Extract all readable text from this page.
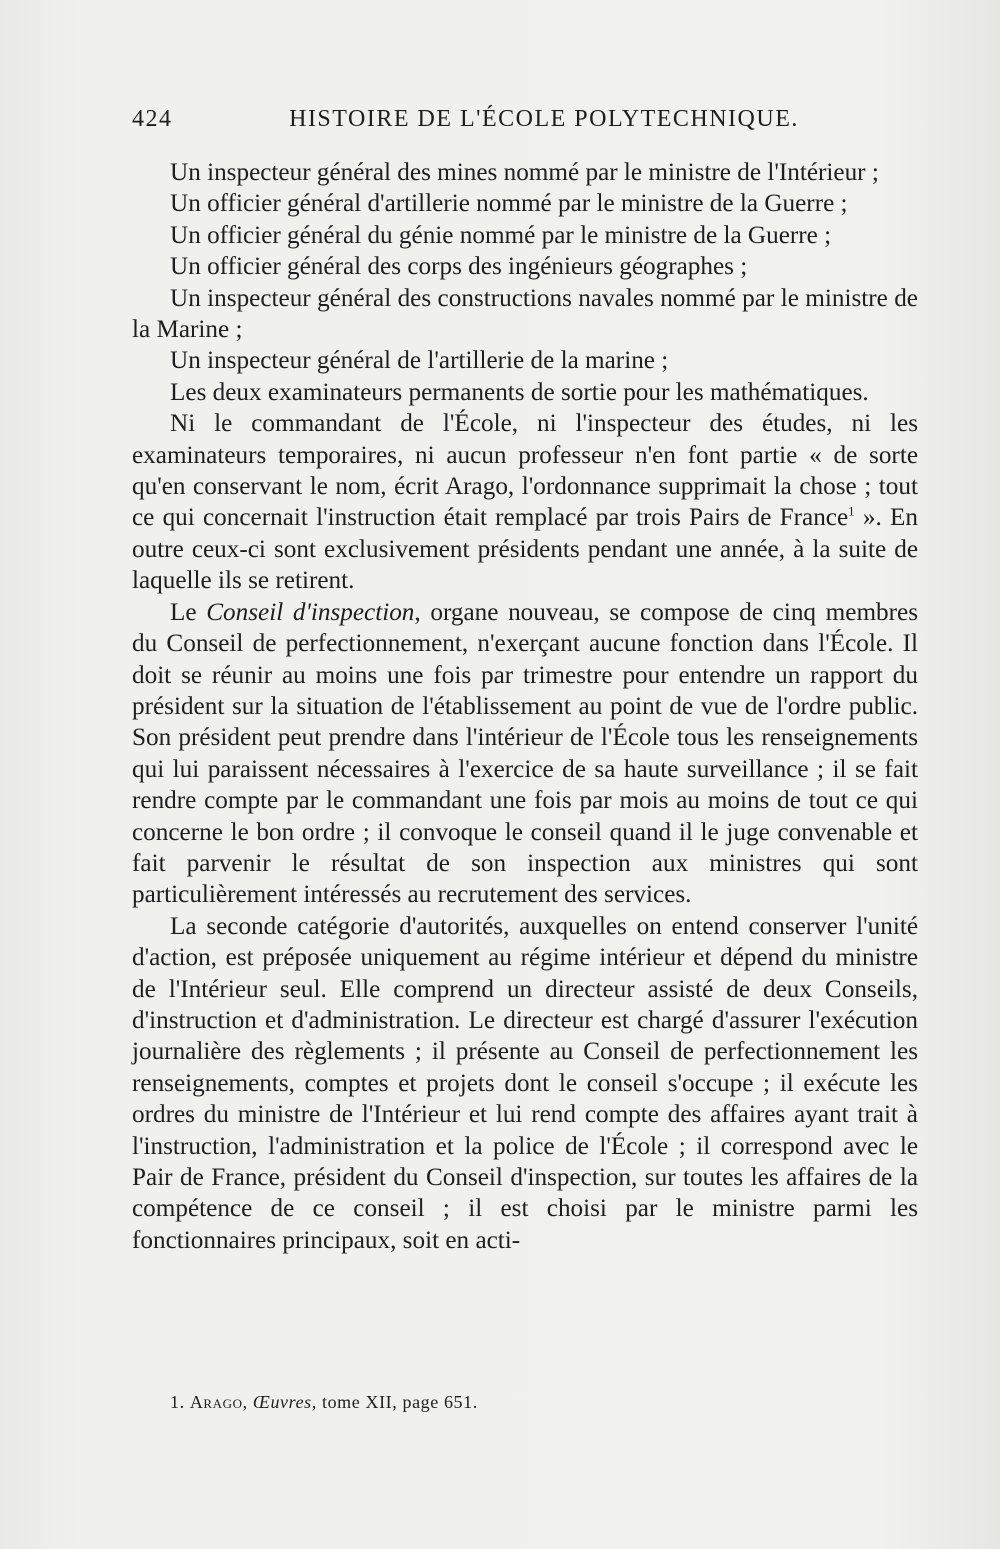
424	HISTOIRE DE L'ÉCOLE POLYTECHNIQUE.

Un inspecteur général des mines nommé par le ministre de l'Intérieur ;

Un officier général d'artillerie nommé par le ministre de la Guerre ;

Un officier général du génie nommé par le ministre de la Guerre ;

Un officier général des corps des ingénieurs géographes ;

Un inspecteur général des constructions navales nommé par le ministre de la Marine ;

Un inspecteur général de l'artillerie de la marine ;

Les deux examinateurs permanents de sortie pour les mathématiques.

Ni le commandant de l'École, ni l'inspecteur des études, ni les examinateurs temporaires, ni aucun professeur n'en font partie « de sorte qu'en conservant le nom, écrit Arago, l'ordonnance supprimait la chose ; tout ce qui concernait l'instruction était remplacé par trois Pairs de France$^1$ ». En outre ceux-ci sont exclusivement présidents pendant une année, à la suite de laquelle ils se retirent.

Le Conseil d'inspection, organe nouveau, se compose de cinq membres du Conseil de perfectionnement, n'exerçant aucune fonction dans l'École. Il doit se réunir au moins une fois par trimestre pour entendre un rapport du président sur la situation de l'établissement au point de vue de l'ordre public. Son président peut prendre dans l'intérieur de l'École tous les renseignements qui lui paraissent nécessaires à l'exercice de sa haute surveillance ; il se fait rendre compte par le commandant une fois par mois au moins de tout ce qui concerne le bon ordre ; il convoque le conseil quand il le juge convenable et fait parvenir le résultat de son inspection aux ministres qui sont particulièrement intéressés au recrutement des services.

La seconde catégorie d'autorités, auxquelles on entend conserver l'unité d'action, est préposée uniquement au régime intérieur et dépend du ministre de l'Intérieur seul. Elle comprend un directeur assisté de deux Conseils, d'instruction et d'administration. Le directeur est chargé d'assurer l'exécution journalière des règlements ; il présente au Conseil de perfectionnement les renseignements, comptes et projets dont le conseil s'occupe ; il exécute les ordres du ministre de l'Intérieur et lui rend compte des affaires ayant trait à l'instruction, l'administration et la police de l'École ; il correspond avec le Pair de France, président du Conseil d'inspection, sur toutes les affaires de la compétence de ce conseil ; il est choisi par le ministre parmi les fonctionnaires principaux, soit en acti-

1. Arago, Œuvres, tome XII, page 651.
